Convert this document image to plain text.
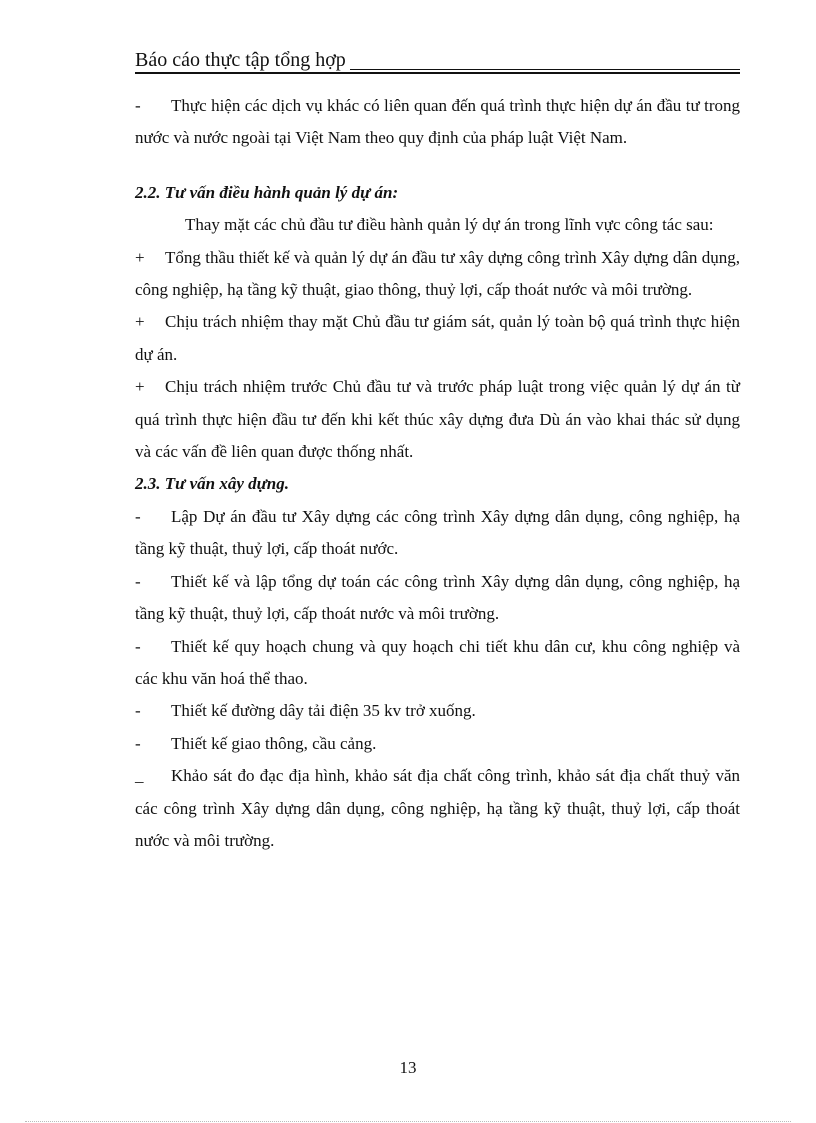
Báo cáo thực tập tổng hợp

- Thực hiện các dịch vụ khác có liên quan đến quá trình thực hiện dự án đầu tư trong nước và nước ngoài tại Việt Nam theo quy định của pháp luật Việt Nam.

2.2. Tư vấn điều hành quản lý dự án:

Thay mặt các chủ đầu tư điều hành quản lý dự án trong lĩnh vực công tác sau:

+ Tổng thầu thiết kế và quản lý dự án đầu tư xây dựng công trình Xây dựng dân dụng, công nghiệp, hạ tầng kỹ thuật, giao thông, thuỷ lợi, cấp thoát nước và môi trường.

+ Chịu trách nhiệm thay mặt Chủ đầu tư giám sát, quản lý toàn bộ quá trình thực hiện dự án.

+ Chịu trách nhiệm trước Chủ đầu tư và trước pháp luật trong việc quản lý dự án từ quá trình thực hiện đầu tư đến khi kết thúc xây dựng đưa Dù án vào khai thác sử dụng và các vấn đề liên quan được thống nhất.

2.3. Tư vấn xây dựng.

- Lập Dự án đầu tư Xây dựng các công trình Xây dựng dân dụng, công nghiệp, hạ tầng kỹ thuật, thuỷ lợi, cấp thoát nước.

- Thiết kế và lập tổng dự toán các công trình Xây dựng dân dụng, công nghiệp, hạ tầng kỹ thuật, thuỷ lợi, cấp thoát nước và môi trường.

- Thiết kế quy hoạch chung và quy hoạch chi tiết khu dân cư, khu công nghiệp và các khu văn hoá thể thao.

- Thiết kế đường dây tải điện 35 kv trở xuống.

- Thiết kế giao thông, cầu cảng.

_ Khảo sát đo đạc địa hình, khảo sát địa chất công trình, khảo sát địa chất thuỷ văn các công trình Xây dựng dân dụng, công nghiệp, hạ tầng kỹ thuật, thuỷ lợi, cấp thoát nước và môi trường.

13
